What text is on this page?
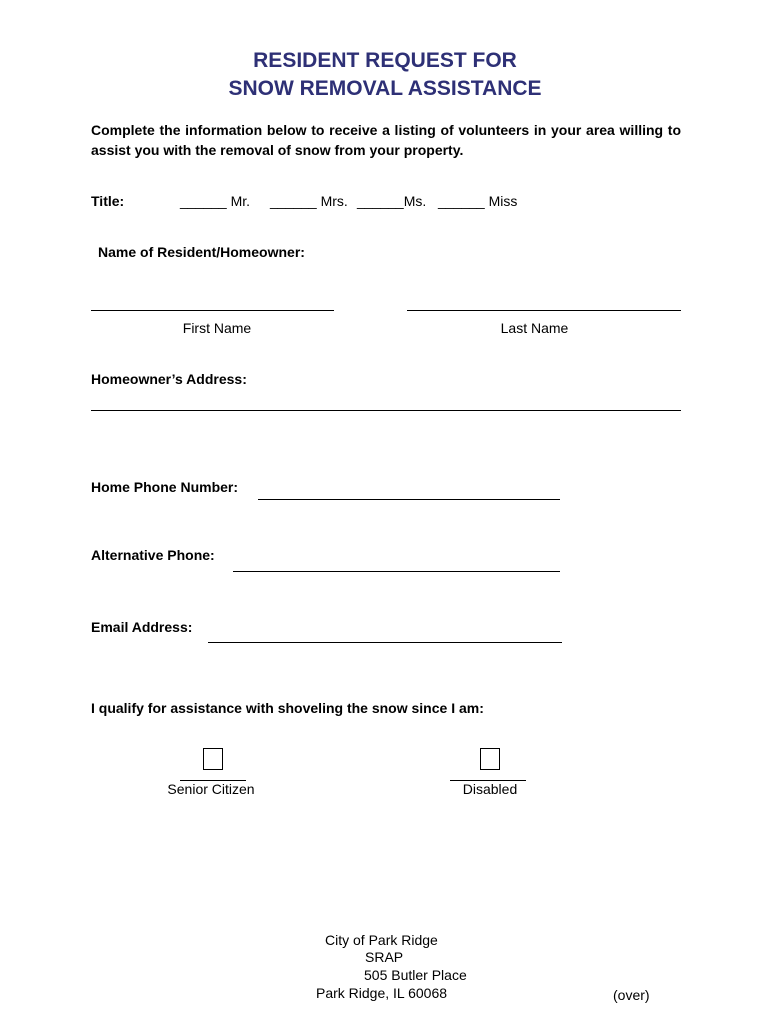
RESIDENT REQUEST FOR
SNOW REMOVAL ASSISTANCE
Complete the information below to receive a listing of volunteers in your area willing to assist you with the removal of snow from your property.
Title:	______ Mr. ______ Mrs. ______Ms. ______ Miss
Name of Resident/Homeowner:
First Name	Last Name
Homeowner’s Address:
Home Phone Number:
Alternative Phone:
Email Address:
I qualify for assistance with shoveling the snow since I am:
Senior Citizen	Disabled
City of Park Ridge
SRAP
505 Butler Place
Park Ridge, IL 60068	(over)
